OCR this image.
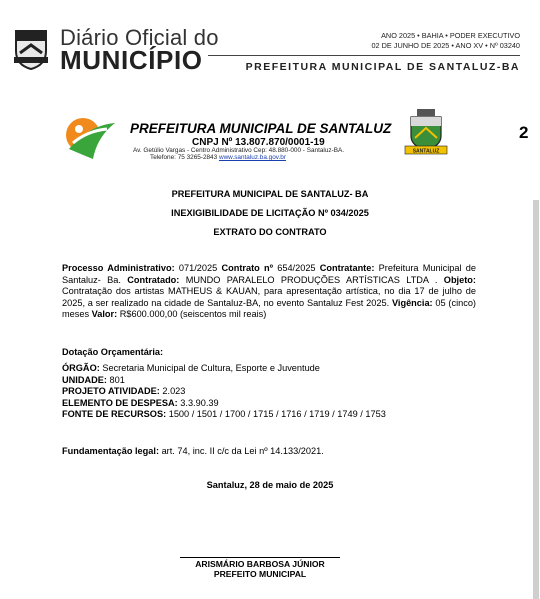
Diário Oficial do
MUNICÍPIO
ANO 2025 • BAHIA • PODER EXECUTIVO
02 DE JUNHO DE 2025 • ANO XV • Nº 03240
PREFEITURA MUNICIPAL DE SANTALUZ-BA
PREFEITURA MUNICIPAL DE SANTALUZ
CNPJ Nº 13.807.870/0001-19
Av. Getúlio Vargas - Centro Administrativo Cep: 48.880-000 - Santaluz-BA.
Telefone: 75 3265-2843 www.santaluz.ba.gov.br
SANTALUZ
2
PREFEITURA MUNICIPAL DE SANTALUZ- BA
INEXIGIBILIDADE DE LICITAÇÃO Nº 034/2025
EXTRATO DO CONTRATO
Processo Administrativo: 071/2025 Contrato nº 654/2025 Contratante: Prefeitura Municipal de Santaluz- Ba. Contratado: MUNDO PARALELO PRODUÇÕES ARTÍSTICAS LTDA . Objeto: Contratação dos artistas MATHEUS & KAUAN, para apresentação artística, no dia 17 de julho de 2025, a ser realizado na cidade de Santaluz-BA, no evento Santaluz Fest 2025. Vigência: 05 (cinco) meses Valor: R$600.000,00 (seiscentos mil reais)
Dotação Orçamentária:
ÓRGÃO: Secretaria Municipal de Cultura, Esporte e Juventude
UNIDADE: 801
PROJETO ATIVIDADE: 2.023
ELEMENTO DE DESPESA: 3.3.90.39
FONTE DE RECURSOS: 1500 / 1501 / 1700 / 1715 / 1716 / 1719 / 1749 / 1753
Fundamentação legal: art. 74, inc. II c/c da Lei nº 14.133/2021.
Santaluz, 28 de maio de 2025
ARISMÁRIO BARBOSA JÚNIOR
PREFEITO MUNICIPAL
